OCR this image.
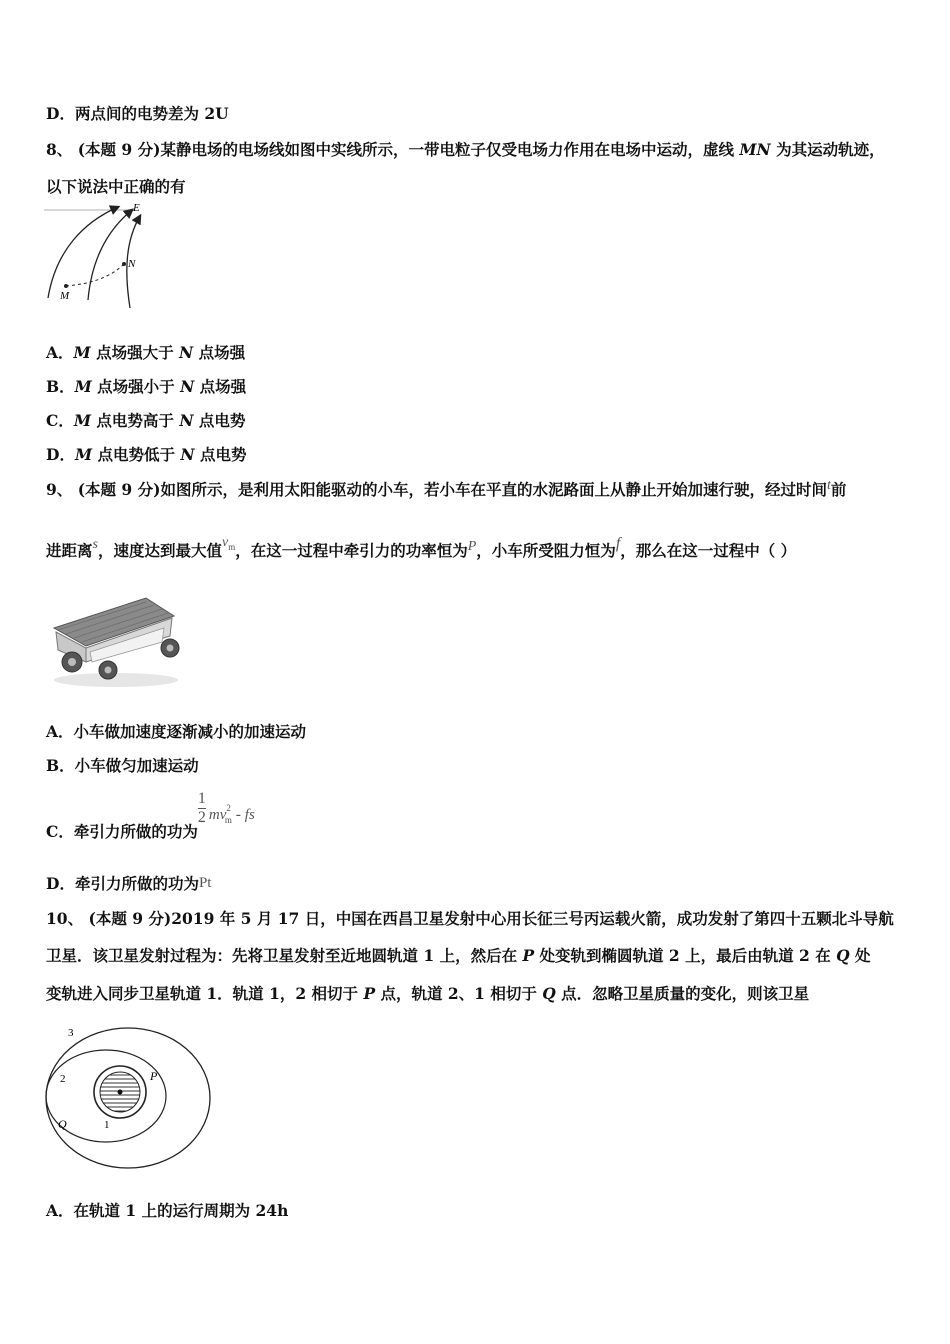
D．两点间的电势差为 2U
8、 (本题 9 分)某静电场的电场线如图中实线所示，一带电粒子仅受电场力作用在电场中运动，虚线 MN 为其运动轨迹，
以下说法中正确的有
E
M
N
A．M 点场强大于 N 点场强
B．M 点场强小于 N 点场强
C．M 点电势高于 N 点电势
D．M 点电势低于 N 点电势
9、 (本题 9 分)如图所示，是利用太阳能驱动的小车，若小车在平直的水泥路面上从静止开始加速行驶，经过时间t前
进距离s，速度达到最大值$v_m$，在这一过程中牵引力的功率恒为P，小车所受阻力恒为f，那么在这一过程中（ ）
A．小车做加速度逐渐减小的加速运动
B．小车做匀加速运动
C．牵引力所做的功为
$\frac{1}{2} mv^2_m$ - fs
D．牵引力所做的功为Pt
10、 (本题 9 分)2019 年 5 月 17 日，中国在西昌卫星发射中心用长征三号丙运载火箭，成功发射了第四十五颗北斗导航
卫星．该卫星发射过程为：先将卫星发射至近地圆轨道 1 上，然后在 P 处变轨到椭圆轨道 2 上，最后由轨道 2 在 Q 处
变轨进入同步卫星轨道 1．轨道 1，2 相切于 P 点，轨道 2、1 相切于 Q 点．忽略卫星质量的变化，则该卫星
3
2
1
P
Q
A．在轨道 1 上的运行周期为 24h
